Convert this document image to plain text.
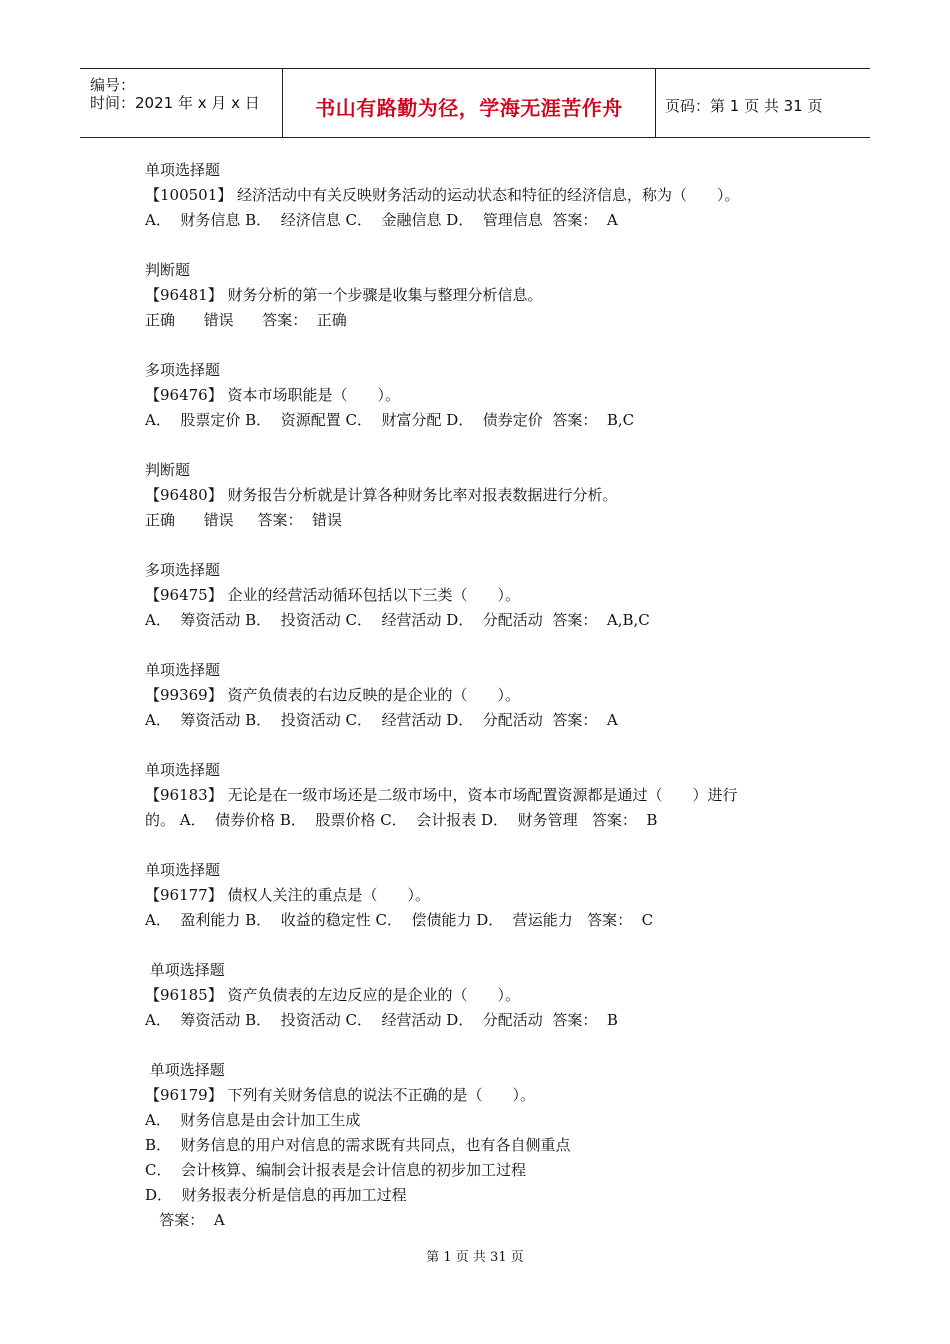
编号：
时间：2021 年 x 月 x 日	书山有路勤为径，学海无涯苦作舟	页码：第 1 页 共 31 页
单项选择题
【100501】 经济活动中有关反映财务活动的运动状态和特征的经济信息，称为（　　）。
A．  财务信息 B．  经济信息 C．  金融信息 D．  管理信息  答案：  A
判断题
【96481】 财务分析的第一个步骤是收集与整理分析信息。
正确      错误      答案：  正确
多项选择题
【96476】 资本市场职能是（　　）。
A．  股票定价 B．  资源配置 C．  财富分配 D．  债券定价  答案：  B,C
判断题
【96480】 财务报告分析就是计算各种财务比率对报表数据进行分析。
正确      错误     答案：  错误
多项选择题
【96475】 企业的经营活动循环包括以下三类（　　）。
A．  筹资活动 B．  投资活动 C．  经营活动 D．  分配活动  答案：  A,B,C
单项选择题
【99369】 资产负债表的右边反映的是企业的（　　）。
A．  筹资活动 B．  投资活动 C．  经营活动 D．  分配活动  答案：  A
单项选择题
【96183】 无论是在一级市场还是二级市场中，资本市场配置资源都是通过（　　）进行
的。 A．  债券价格 B．  股票价格 C．  会计报表 D．  财务管理   答案：  B
单项选择题
【96177】 债权人关注的重点是（　　）。
A．  盈利能力 B．  收益的稳定性 C．  偿债能力 D．  营运能力   答案：  C
单项选择题
【96185】 资产负债表的左边反应的是企业的（　　）。
A．  筹资活动 B．  投资活动 C．  经营活动 D．  分配活动  答案：  B
单项选择题
【96179】 下列有关财务信息的说法不正确的是（　　）。
A．  财务信息是由会计加工生成
B．  财务信息的用户对信息的需求既有共同点，也有各自侧重点
C．  会计核算、编制会计报表是会计信息的初步加工过程
D．  财务报表分析是信息的再加工过程
答案：  A
第 1 页 共 31 页
